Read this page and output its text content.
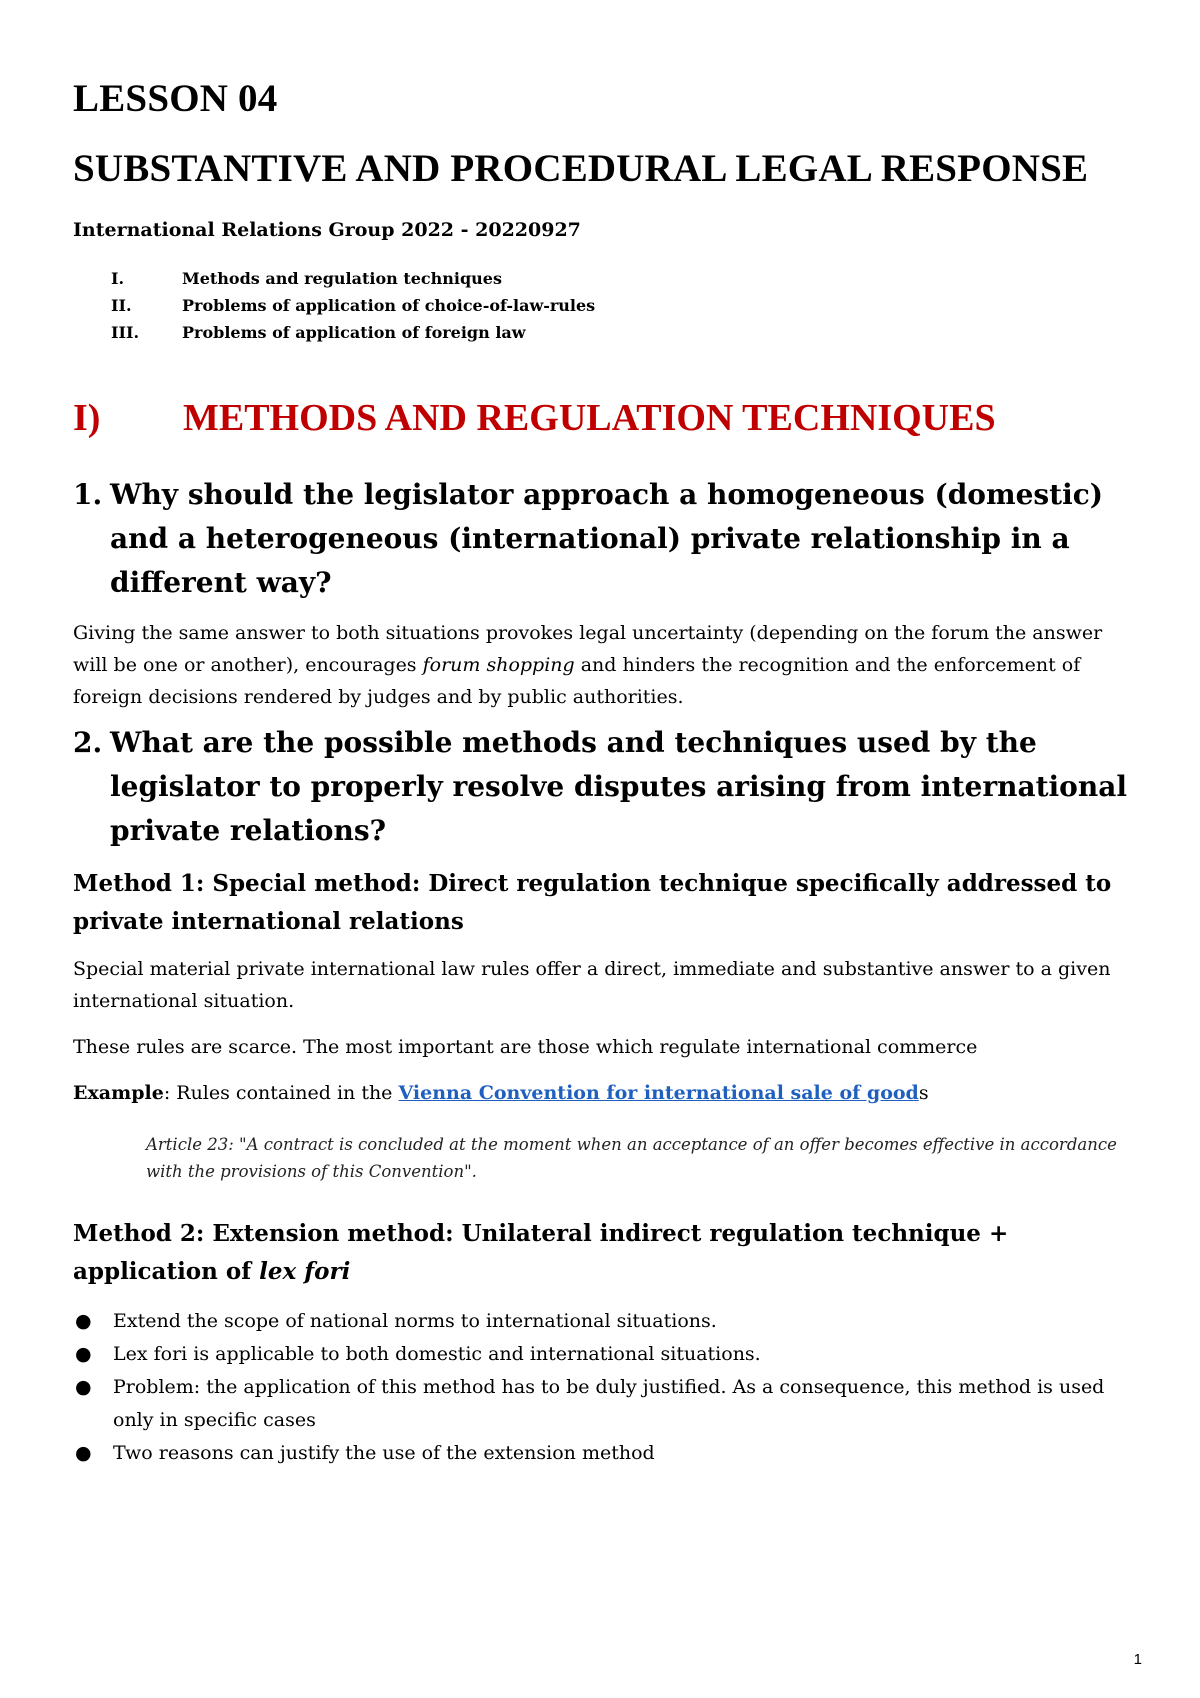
LESSON 04
SUBSTANTIVE AND PROCEDURAL LEGAL RESPONSE
International Relations Group 2022 - 20220927
I.	Methods and regulation techniques
II.	Problems of application of choice-of-law-rules
III.	Problems of application of foreign law
I)	METHODS AND REGULATION TECHNIQUES
1. Why should the legislator approach a homogeneous (domestic) and a heterogeneous (international) private relationship in a different way?
Giving the same answer to both situations provokes legal uncertainty (depending on the forum the answer will be one or another), encourages forum shopping and hinders the recognition and the enforcement of foreign decisions rendered by judges and by public authorities.
2. What are the possible methods and techniques used by the legislator to properly resolve disputes arising from international private relations?
Method 1: Special method: Direct regulation technique specifically addressed to private international relations
Special material private international law rules offer a direct, immediate and substantive answer to a given international situation.
These rules are scarce. The most important are those which regulate international commerce
Example: Rules contained in the Vienna Convention for international sale of goods
Article 23: "A contract is concluded at the moment when an acceptance of an offer becomes effective in accordance with the provisions of this Convention".
Method 2: Extension method: Unilateral indirect regulation technique + application of lex fori
●	Extend the scope of national norms to international situations.
●	Lex fori is applicable to both domestic and international situations.
●	Problem: the application of this method has to be duly justified. As a consequence, this method is used only in specific cases
●	Two reasons can justify the use of the extension method
1
